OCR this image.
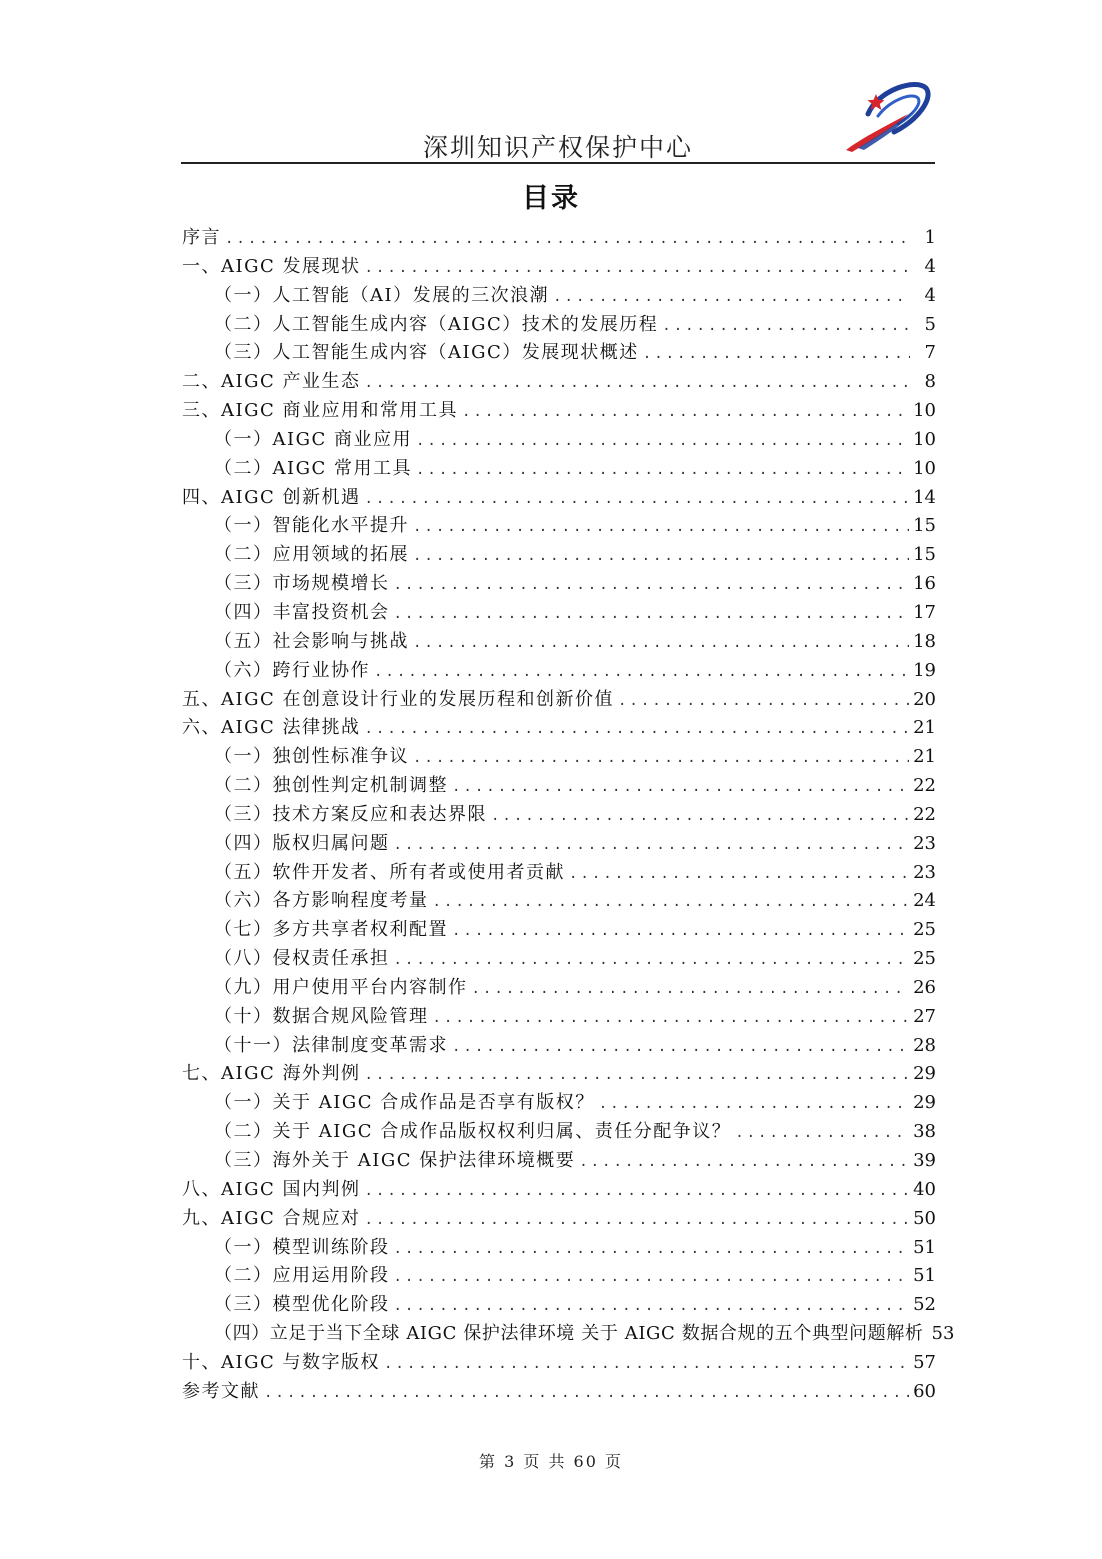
深圳知识产权保护中心
目录
序言 .....	1
一、AIGC 发展现状 .....	4
（一）人工智能（AI）发展的三次浪潮 .....	4
（二）人工智能生成内容（AIGC）技术的发展历程 .....	5
（三）人工智能生成内容（AIGC）发展现状概述 .....	7
二、AIGC 产业生态 .....	8
三、AIGC 商业应用和常用工具 .....	10
（一）AIGC 商业应用 .....	10
（二）AIGC 常用工具 .....	10
四、AIGC 创新机遇 .....	14
（一）智能化水平提升 .....	15
（二）应用领域的拓展 .....	15
（三）市场规模增长 .....	16
（四）丰富投资机会 .....	17
（五）社会影响与挑战 .....	18
（六）跨行业协作 .....	19
五、AIGC 在创意设计行业的发展历程和创新价值 .....	20
六、AIGC 法律挑战 .....	21
（一）独创性标准争议 .....	21
（二）独创性判定机制调整 .....	22
（三）技术方案反应和表达界限 .....	22
（四）版权归属问题 .....	23
（五）软件开发者、所有者或使用者贡献 .....	23
（六）各方影响程度考量 .....	24
（七）多方共享者权利配置 .....	25
（八）侵权责任承担 .....	25
（九）用户使用平台内容制作 .....	26
（十）数据合规风险管理 .....	27
（十一）法律制度变革需求 .....	28
七、AIGC 海外判例 .....	29
（一）关于 AIGC 合成作品是否享有版权？ .....	29
（二）关于 AIGC 合成作品版权权利归属、责任分配争议？ .....	38
（三）海外关于 AIGC 保护法律环境概要 .....	39
八、AIGC 国内判例 .....	40
九、AIGC 合规应对 .....	50
（一）模型训练阶段 .....	51
（二）应用运用阶段 .....	51
（三）模型优化阶段 .....	52
（四）立足于当下全球 AIGC 保护法律环境 关于 AIGC 数据合规的五个典型问题解析 53
十、AIGC 与数字版权 .....	57
参考文献 .....	60
第 3 页 共 60 页
